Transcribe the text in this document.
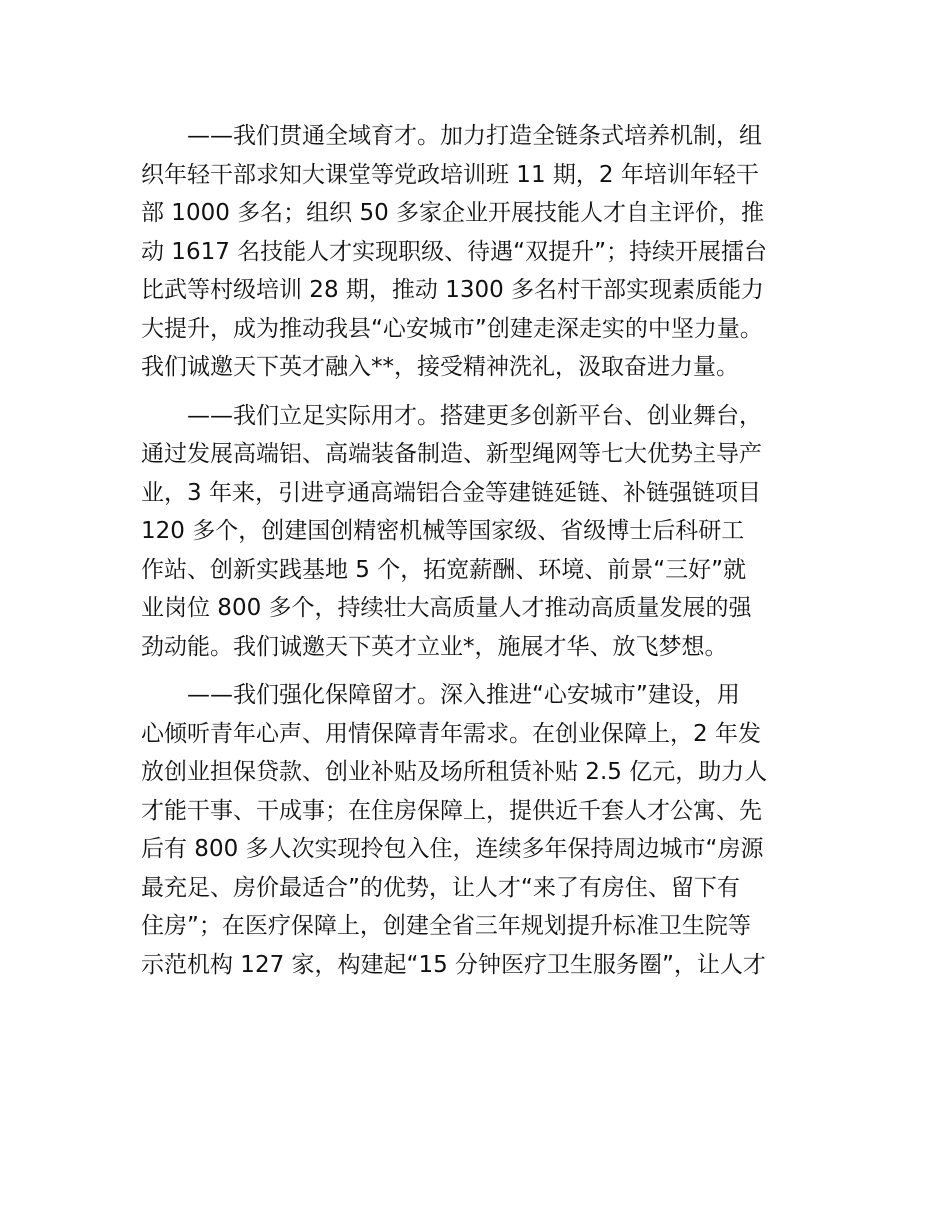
——我们贯通全域育才。加力打造全链条式培养机制，组
织年轻干部求知大课堂等党政培训班 11 期，2 年培训年轻干
部 1000 多名；组织 50 多家企业开展技能人才自主评价，推
动 1617 名技能人才实现职级、待遇“双提升”；持续开展擂台
比武等村级培训 28 期，推动 1300 多名村干部实现素质能力
大提升，成为推动我县“心安城市”创建走深走实的中坚力量。
我们诚邀天下英才融入**，接受精神洗礼，汲取奋进力量。
——我们立足实际用才。搭建更多创新平台、创业舞台，
通过发展高端铝、高端装备制造、新型绳网等七大优势主导产
业，3 年来，引进亨通高端铝合金等建链延链、补链强链项目
120 多个，创建国创精密机械等国家级、省级博士后科研工
作站、创新实践基地 5 个，拓宽薪酬、环境、前景“三好”就
业岗位 800 多个，持续壮大高质量人才推动高质量发展的强
劲动能。我们诚邀天下英才立业*，施展才华、放飞梦想。
——我们强化保障留才。深入推进“心安城市”建设，用
心倾听青年心声、用情保障青年需求。在创业保障上，2 年发
放创业担保贷款、创业补贴及场所租赁补贴 2.5 亿元，助力人
才能干事、干成事；在住房保障上，提供近千套人才公寓、先
后有 800 多人次实现拎包入住，连续多年保持周边城市“房源
最充足、房价最适合”的优势，让人才“来了有房住、留下有
住房”；在医疗保障上，创建全省三年规划提升标准卫生院等
示范机构 127 家，构建起“15 分钟医疗卫生服务圈”，让人才
